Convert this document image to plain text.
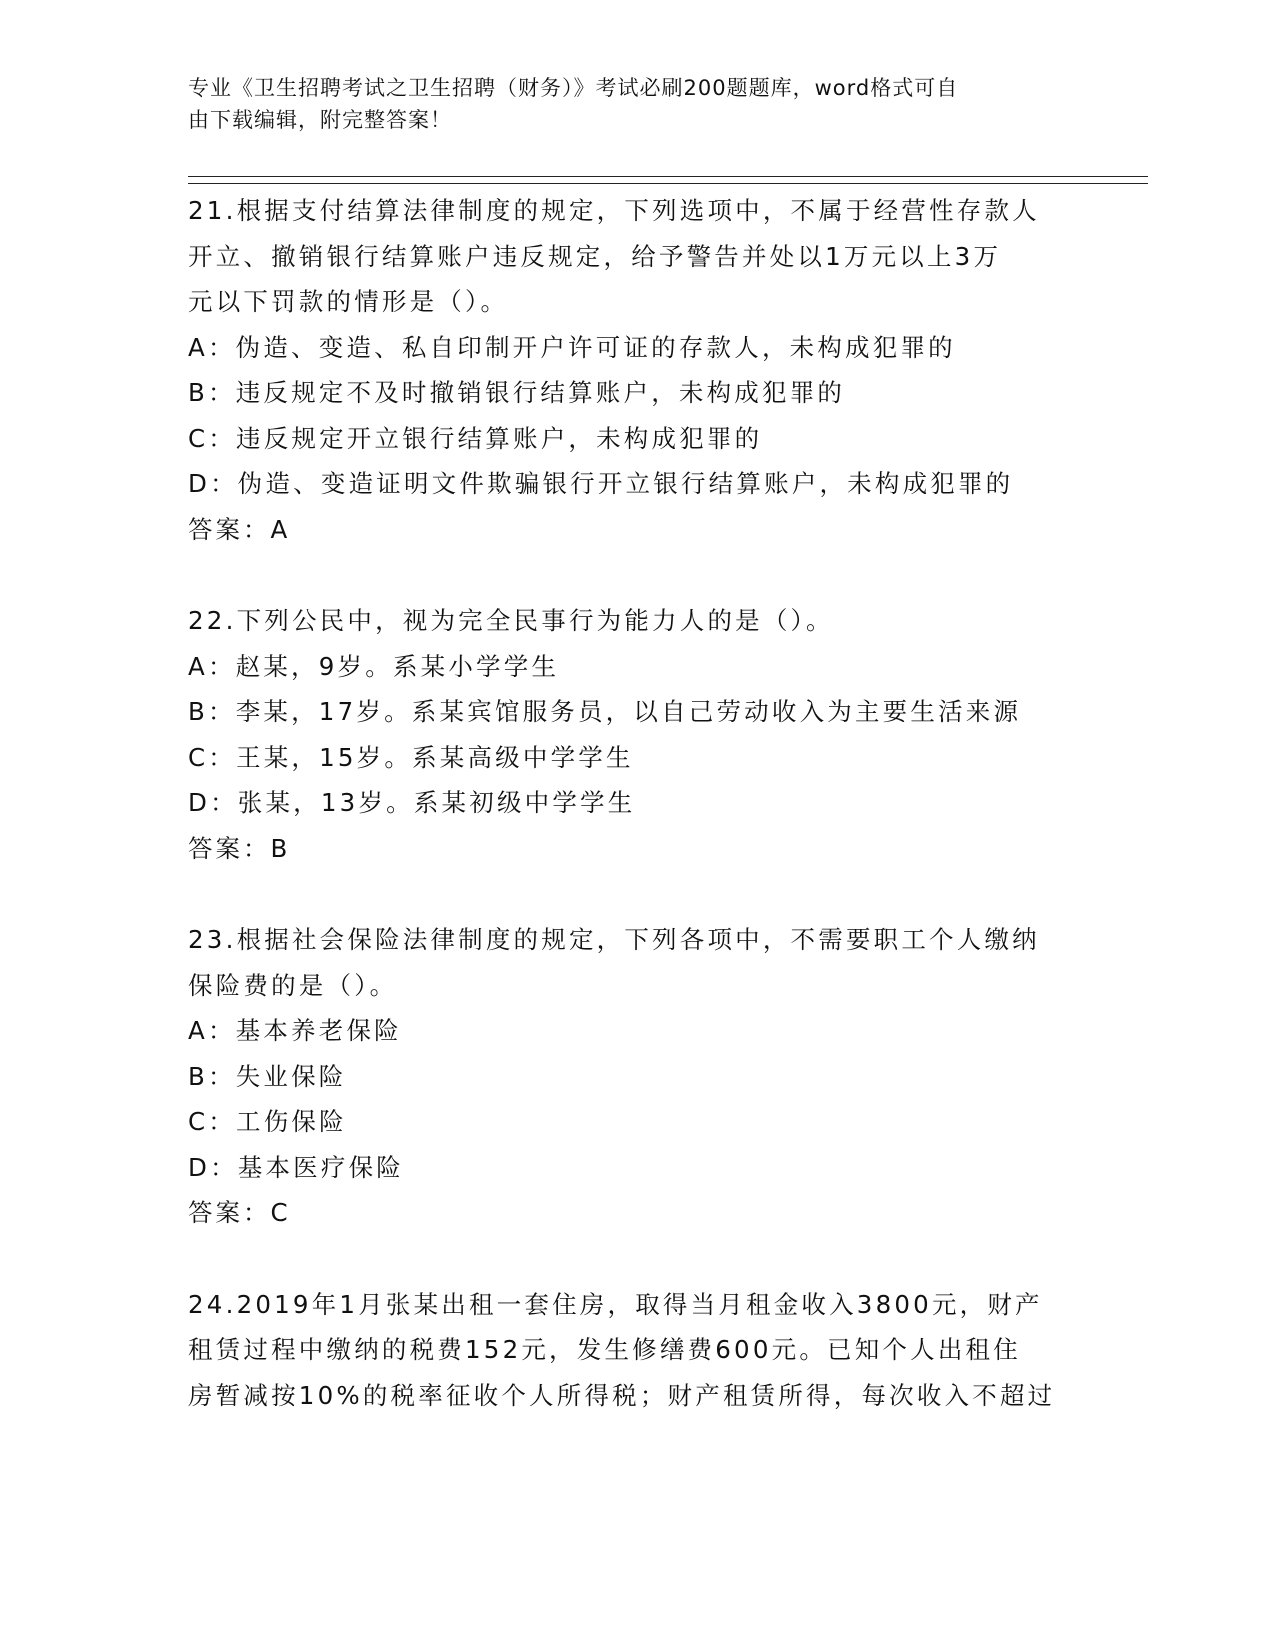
专业《卫生招聘考试之卫生招聘（财务）》考试必刷200题题库，word格式可自
由下载编辑，附完整答案！
21.根据支付结算法律制度的规定，下列选项中，不属于经营性存款人
开立、撤销银行结算账户违反规定，给予警告并处以1万元以上3万
元以下罚款的情形是（）。
A：伪造、变造、私自印制开户许可证的存款人，未构成犯罪的
B：违反规定不及时撤销银行结算账户，未构成犯罪的
C：违反规定开立银行结算账户，未构成犯罪的
D：伪造、变造证明文件欺骗银行开立银行结算账户，未构成犯罪的
答案：A
22.下列公民中，视为完全民事行为能力人的是（）。
A：赵某，9岁。系某小学学生
B：李某，17岁。系某宾馆服务员，以自己劳动收入为主要生活来源
C：王某，15岁。系某高级中学学生
D：张某，13岁。系某初级中学学生
答案：B
23.根据社会保险法律制度的规定，下列各项中，不需要职工个人缴纳
保险费的是（）。
A：基本养老保险
B：失业保险
C：工伤保险
D：基本医疗保险
答案：C
24.2019年1月张某出租一套住房，取得当月租金收入3800元，财产
租赁过程中缴纳的税费152元，发生修缮费600元。已知个人出租住
房暂减按10%的税率征收个人所得税；财产租赁所得，每次收入不超过
